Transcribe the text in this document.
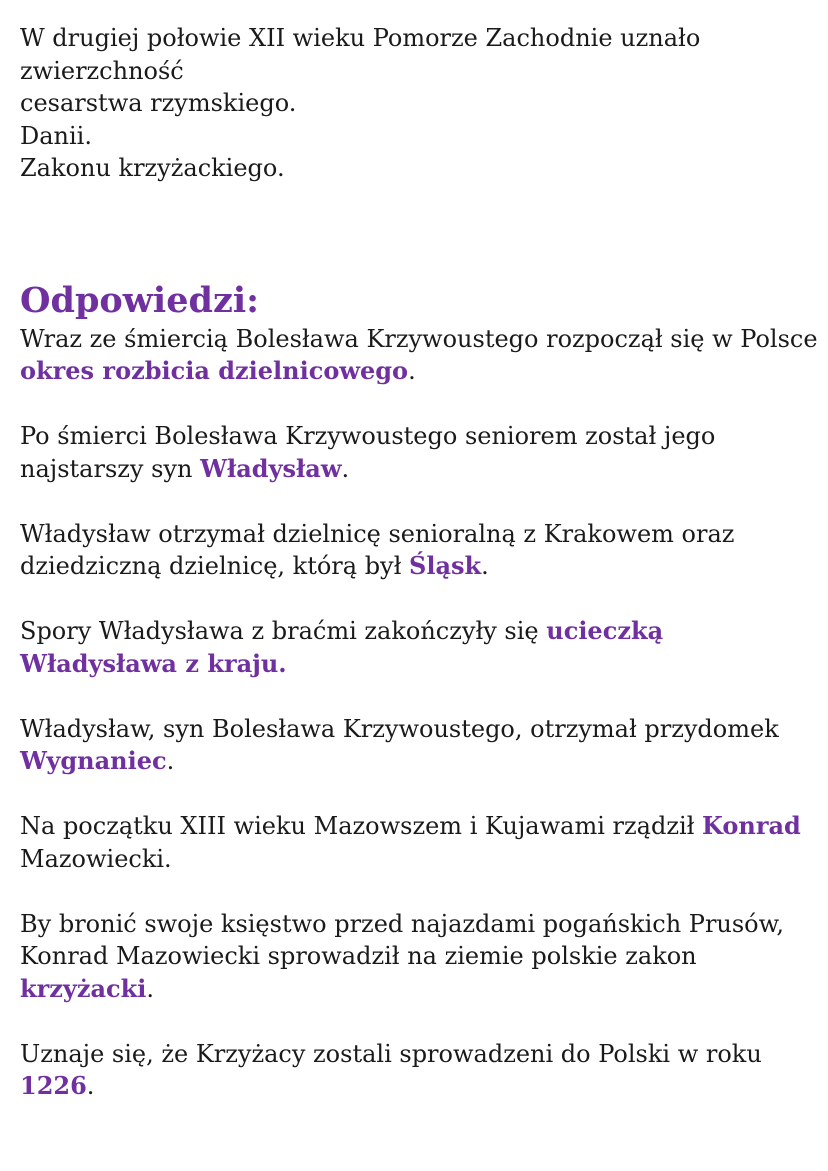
W drugiej połowie XII wieku Pomorze Zachodnie uznało
zwierzchność
cesarstwa rzymskiego.
Danii.
Zakonu krzyżackiego.
Odpowiedzi:

Wraz ze śmiercią Bolesława Krzywoustego rozpoczął się w Polsce okres rozbicia dzielnicowego.

Po śmierci Bolesława Krzywoustego seniorem został jego najstarszy syn Władysław.

Władysław otrzymał dzielnicę senioralną z Krakowem oraz dziedziczną dzielnicę, którą był Śląsk.

Spory Władysława z braćmi zakończyły się ucieczką Władysława z kraju.

Władysław, syn Bolesława Krzywoustego, otrzymał przydomek Wygnaniec.

Na początku XIII wieku Mazowszem i Kujawami rządził Konrad Mazowiecki.

By bronić swoje księstwo przed najazdami pogańskich Prusów, Konrad Mazowiecki sprowadził na ziemie polskie zakon krzyżacki.

Uznaje się, że Krzyżacy zostali sprowadzeni do Polski w roku 1226.
